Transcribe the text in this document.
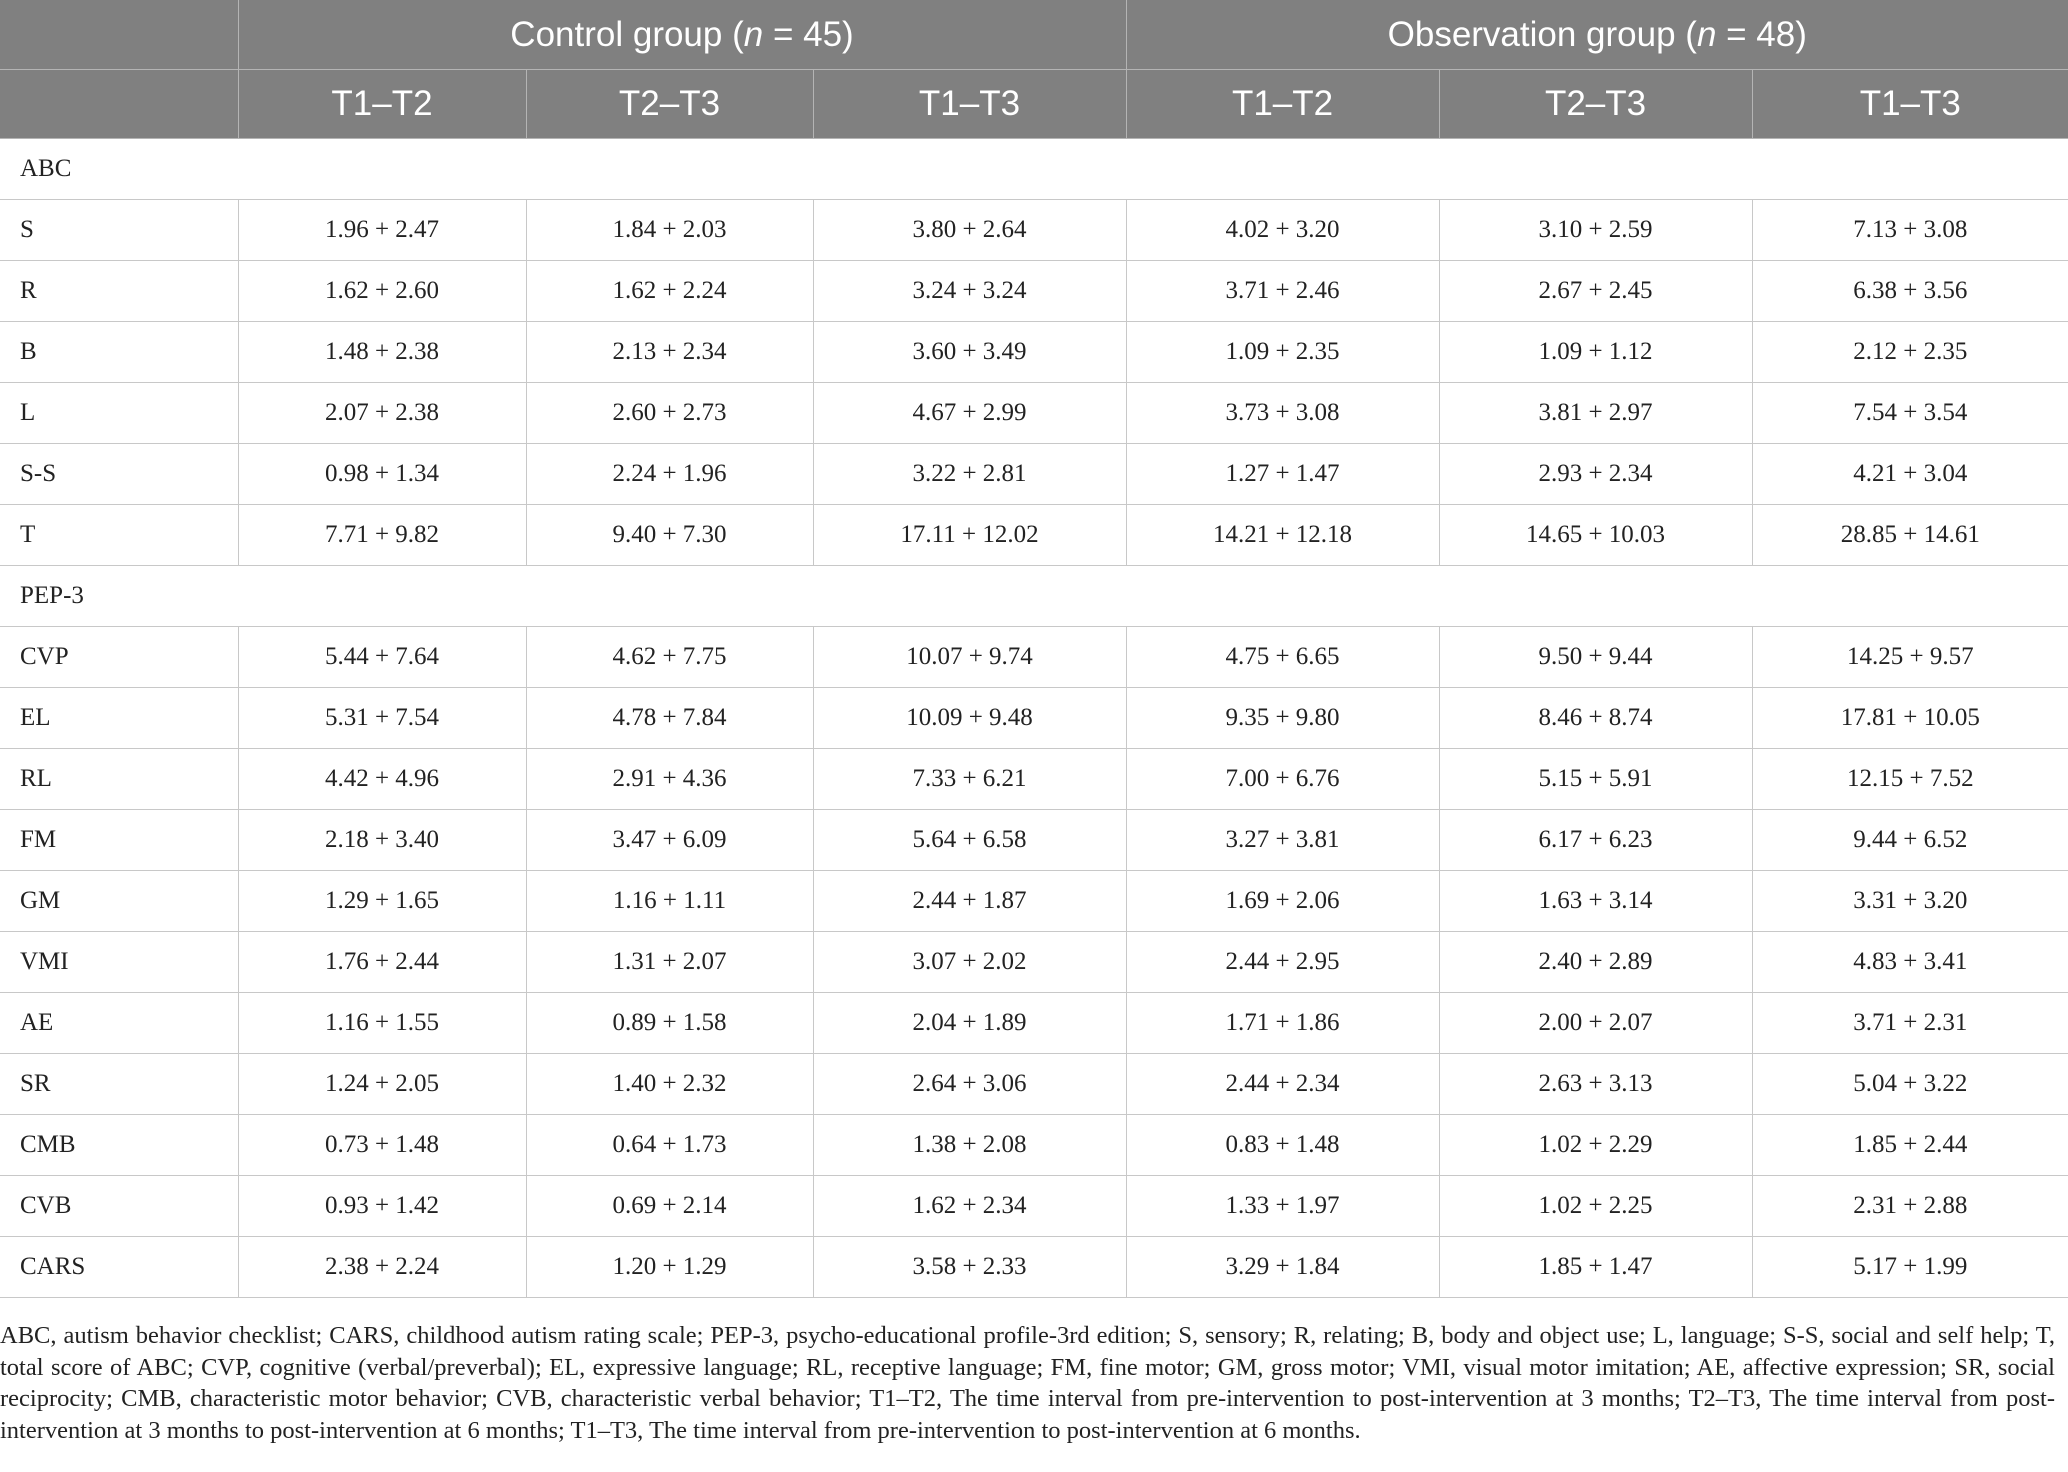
	Control group (n = 45)			Observation group (n = 48)		
	T1–T2	T2–T3	T1–T3	T1–T2	T2–T3	T1–T3
ABC						
S	1.96 + 2.47	1.84 + 2.03	3.80 + 2.64	4.02 + 3.20	3.10 + 2.59	7.13 + 3.08
R	1.62 + 2.60	1.62 + 2.24	3.24 + 3.24	3.71 + 2.46	2.67 + 2.45	6.38 + 3.56
B	1.48 + 2.38	2.13 + 2.34	3.60 + 3.49	1.09 + 2.35	1.09 + 1.12	2.12 + 2.35
L	2.07 + 2.38	2.60 + 2.73	4.67 + 2.99	3.73 + 3.08	3.81 + 2.97	7.54 + 3.54
S-S	0.98 + 1.34	2.24 + 1.96	3.22 + 2.81	1.27 + 1.47	2.93 + 2.34	4.21 + 3.04
T	7.71 + 9.82	9.40 + 7.30	17.11 + 12.02	14.21 + 12.18	14.65 + 10.03	28.85 + 14.61
PEP-3						
CVP	5.44 + 7.64	4.62 + 7.75	10.07 + 9.74	4.75 + 6.65	9.50 + 9.44	14.25 + 9.57
EL	5.31 + 7.54	4.78 + 7.84	10.09 + 9.48	9.35 + 9.80	8.46 + 8.74	17.81 + 10.05
RL	4.42 + 4.96	2.91 + 4.36	7.33 + 6.21	7.00 + 6.76	5.15 + 5.91	12.15 + 7.52
FM	2.18 + 3.40	3.47 + 6.09	5.64 + 6.58	3.27 + 3.81	6.17 + 6.23	9.44 + 6.52
GM	1.29 + 1.65	1.16 + 1.11	2.44 + 1.87	1.69 + 2.06	1.63 + 3.14	3.31 + 3.20
VMI	1.76 + 2.44	1.31 + 2.07	3.07 + 2.02	2.44 + 2.95	2.40 + 2.89	4.83 + 3.41
AE	1.16 + 1.55	0.89 + 1.58	2.04 + 1.89	1.71 + 1.86	2.00 + 2.07	3.71 + 2.31
SR	1.24 + 2.05	1.40 + 2.32	2.64 + 3.06	2.44 + 2.34	2.63 + 3.13	5.04 + 3.22
CMB	0.73 + 1.48	0.64 + 1.73	1.38 + 2.08	0.83 + 1.48	1.02 + 2.29	1.85 + 2.44
CVB	0.93 + 1.42	0.69 + 2.14	1.62 + 2.34	1.33 + 1.97	1.02 + 2.25	2.31 + 2.88
CARS	2.38 + 2.24	1.20 + 1.29	3.58 + 2.33	3.29 + 1.84	1.85 + 1.47	5.17 + 1.99
ABC, autism behavior checklist; CARS, childhood autism rating scale; PEP-3, psycho-educational profile-3rd edition; S, sensory; R, relating; B, body and object use; L, language; S-S, social and self help; T, total score of ABC; CVP, cognitive (verbal/preverbal); EL, expressive language; RL, receptive language; FM, fine motor; GM, gross motor; VMI, visual motor imitation; AE, affective expression; SR, social reciprocity; CMB, characteristic motor behavior; CVB, characteristic verbal behavior; T1–T2, The time interval from pre-intervention to post-intervention at 3 months; T2–T3, The time interval from post-intervention at 3 months to post-intervention at 6 months; T1–T3, The time interval from pre-intervention to post-intervention at 6 months.
